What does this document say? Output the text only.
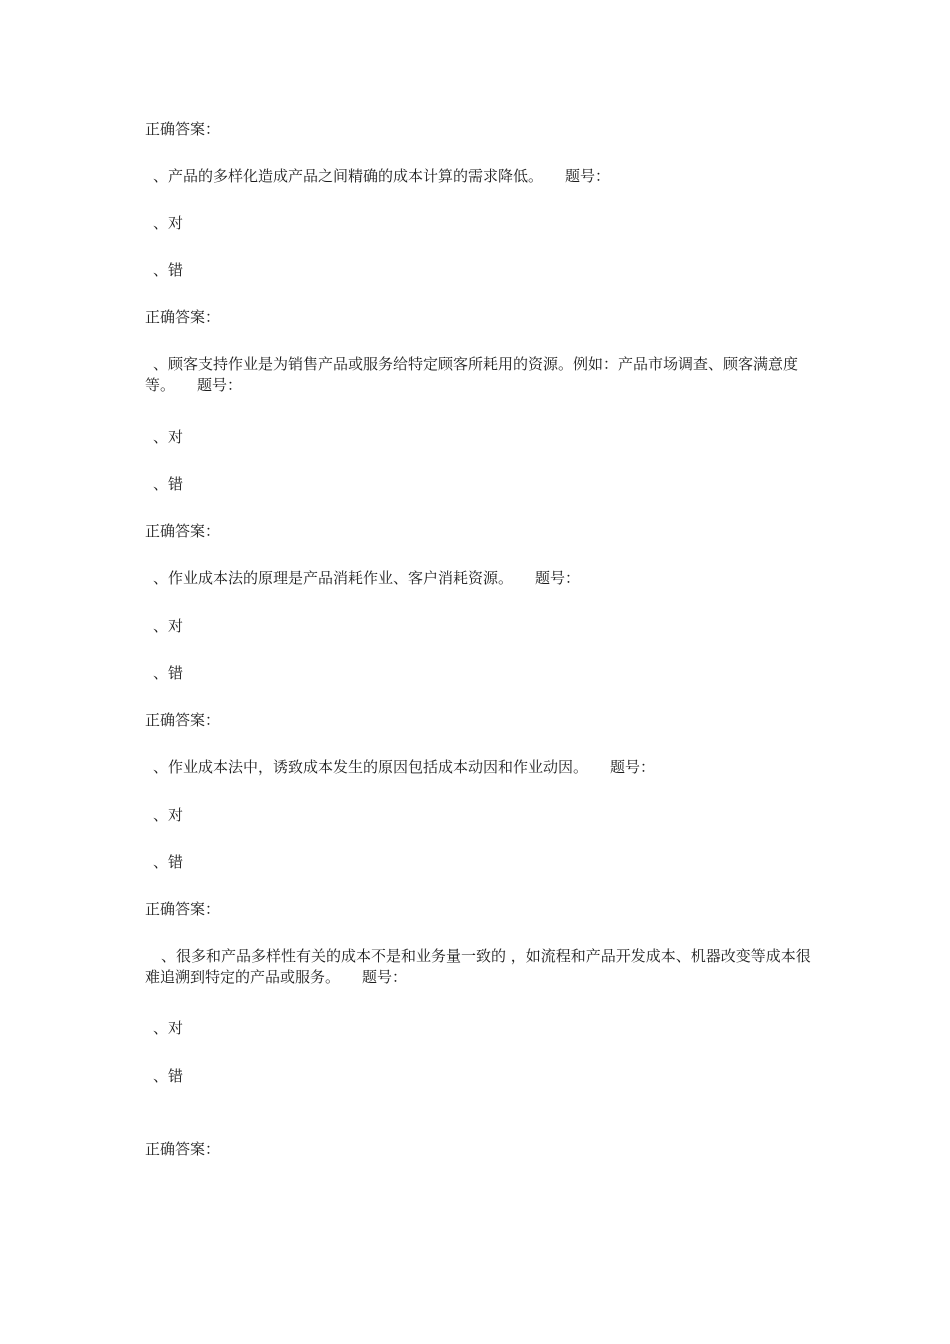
正确答案：
、产品的多样化造成产品之间精确的成本计算的需求降低。 题号：
、对
、错
正确答案：
、顾客支持作业是为销售产品或服务给特定顾客所耗用的资源。例如：产品市场调查、顾客满意度等。 题号：
、对
、错
正确答案：
、作业成本法的原理是产品消耗作业、客户消耗资源。 题号：
、对
、错
正确答案：
、作业成本法中，诱致成本发生的原因包括成本动因和作业动因。 题号：
、对
、错
正确答案：
、很多和产品多样性有关的成本不是和业务量一致的 ，如流程和产品开发成本、机器改变等成本很难追溯到特定的产品或服务。 题号：
、对
、错
正确答案：
